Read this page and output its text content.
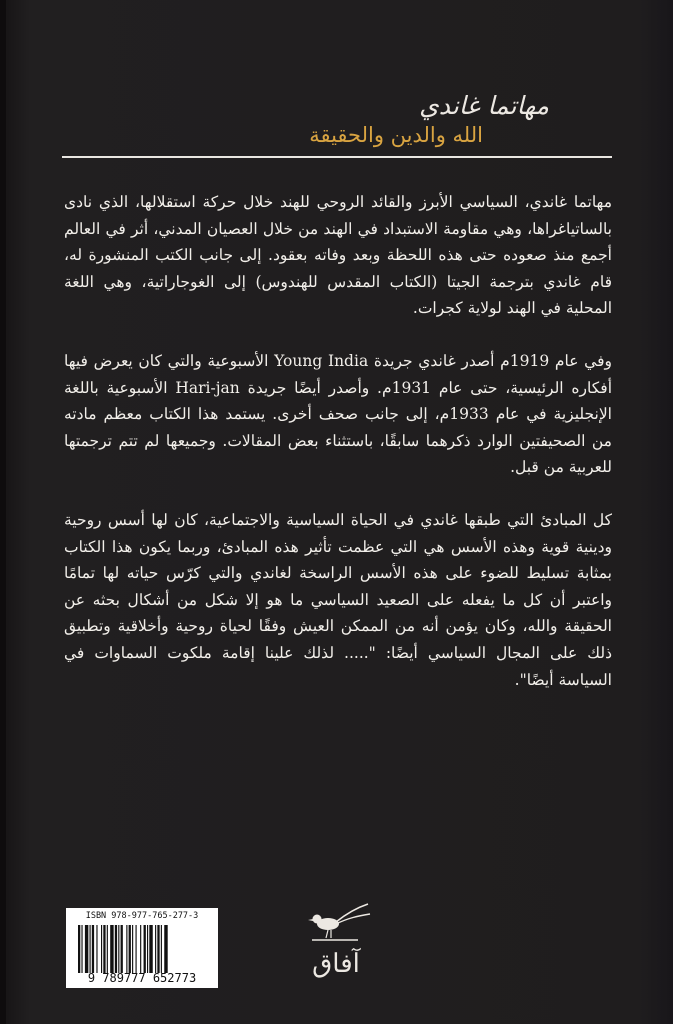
مهاتما غاندي
الله والدين والحقيقة

مهاتما غاندي، السياسي الأبرز والقائد الروحي للهند خلال حركة استقلالها، الذي نادى بالساتياغراها، وهي مقاومة الاستبداد في الهند من خلال العصيان المدني، أثر في العالم أجمع منذ صعوده حتى هذه اللحظة وبعد وفاته بعقود. إلى جانب الكتب المنشورة له، قام غاندي بترجمة الجيتا (الكتاب المقدس للهندوس) إلى الغوجاراتية، وهي اللغة المحلية في الهند لولاية كجرات.

وفي عام 1919م أصدر غاندي جريدة Young India الأسبوعية والتي كان يعرض فيها أفكاره الرئيسية، حتى عام 1931م. وأصدر أيضًا جريدة Hari-jan الأسبوعية باللغة الإنجليزية في عام 1933م، إلى جانب صحف أخرى. يستمد هذا الكتاب معظم مادته من الصحيفتين الوارد ذكرهما سابقًا، باستثناء بعض المقالات. وجميعها لم تتم ترجمتها للعربية من قبل.

كل المبادئ التي طبقها غاندي في الحياة السياسية والاجتماعية، كان لها أسس روحية ودينية قوية وهذه الأسس هي التي عظمت تأثير هذه المبادئ، وربما يكون هذا الكتاب بمثابة تسليط للضوء على هذه الأسس الراسخة لغاندي والتي كرّس حياته لها تمامًا واعتبر أن كل ما يفعله على الصعيد السياسي ما هو إلا شكل من أشكال بحثه عن الحقيقة والله، وكان يؤمن أنه من الممكن العيش وفقًا لحياة روحية وأخلاقية وتطبيق ذلك على المجال السياسي أيضًا: "..... لذلك علينا إقامة ملكوت السماوات في السياسة أيضًا".

ISBN 978-977-765-277-3
9 789777 652773	آفاق
